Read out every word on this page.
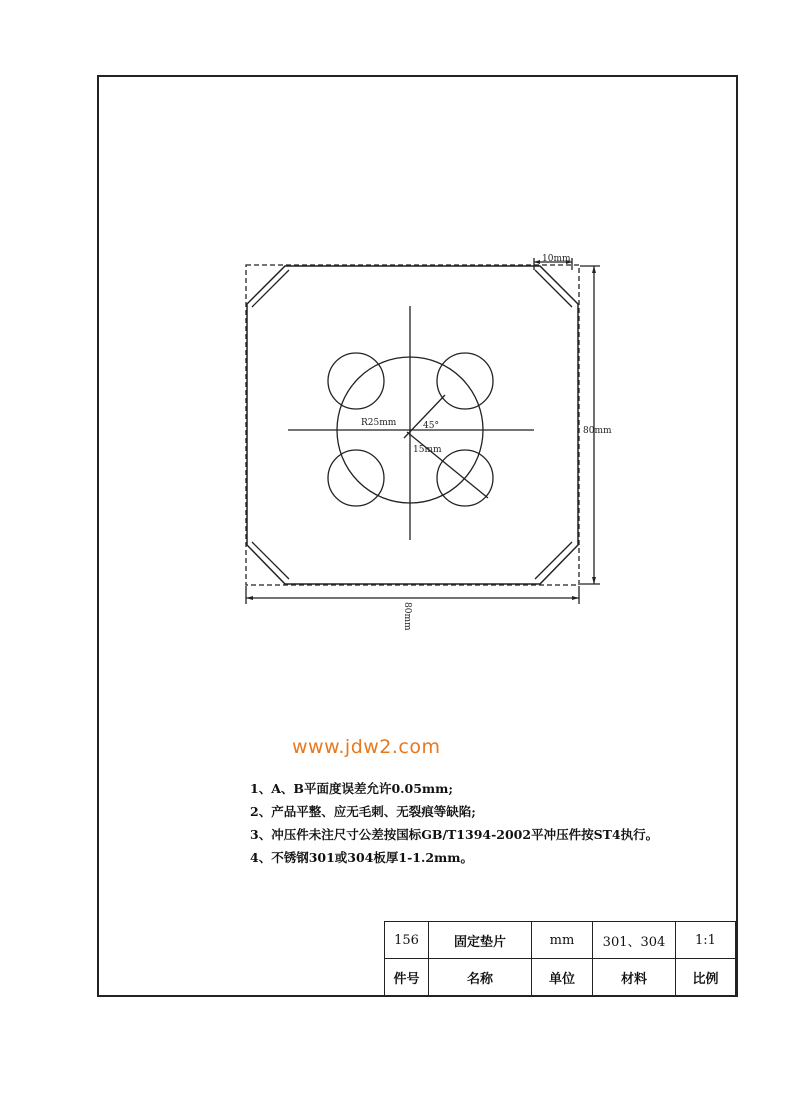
10mm
80mm
80mm
R25mm	45°
15mm
www.jdw2.com
1、A、B平面度误差允许0.05mm;
2、产品平整、应无毛刺、无裂痕等缺陷;
3、冲压件未注尺寸公差按国标GB/T1394-2002平冲压件按ST4执行。
4、不锈钢301或304板厚1-1.2mm。
156	固定垫片	mm	301、304	1:1
件号	名称	单位	材料	比例
